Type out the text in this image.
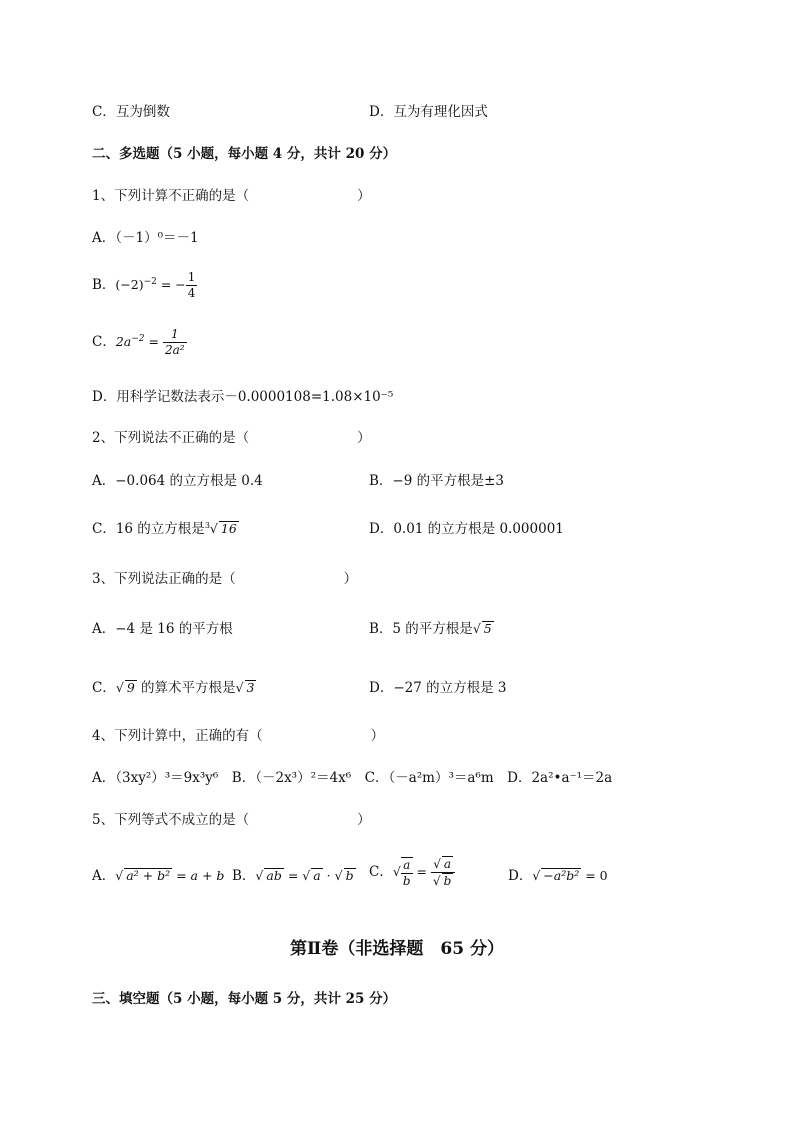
C．互为倒数	D．互为有理化因式
二、多选题（5 小题，每小题 4 分，共计 20 分）
1、下列计算不正确的是（　　　　　　　　）
A．（－1）⁰＝－1
B．$(-2)^{-2}$ = − $\frac{1}{4}$
C．$2a^{-2} = \frac{1}{\text{2a²}}$
D．用科学记数法表示－0.0000108=1.08×10⁻⁵
2、下列说法不正确的是（　　　　　　　　）
A．−0.064 的立方根是 0.4	B．−9 的平方根是±3
C．16 的立方根是$^3$√ 16	D．0.01 的立方根是 0.000001
3、下列说法正确的是（　　　　　　　　）
A．−4 是 16 的平方根	B．5 的平方根是√ 5
C．√ 9 的算术平方根是√ 3	D．−27 的立方根是 3
4、下列计算中，正确的有（　　　　　　　　）
A．（3xy²）³＝9x³y⁶　B．（－2x³）²＝4x⁶　C．（－a²m）³＝a⁶m　D．2a²•a⁻¹＝2a
5、下列等式不成立的是（　　　　　　　　）
A．√ a² + b² = a + b B．√ ab = √ a · √ b C．√ $\frac{a}{b} = \frac{√ a}{√ b}$	D．√ −a²b² = 0
第Ⅱ卷（非选择题　65 分）
三、填空题（5 小题，每小题 5 分，共计 25 分）
